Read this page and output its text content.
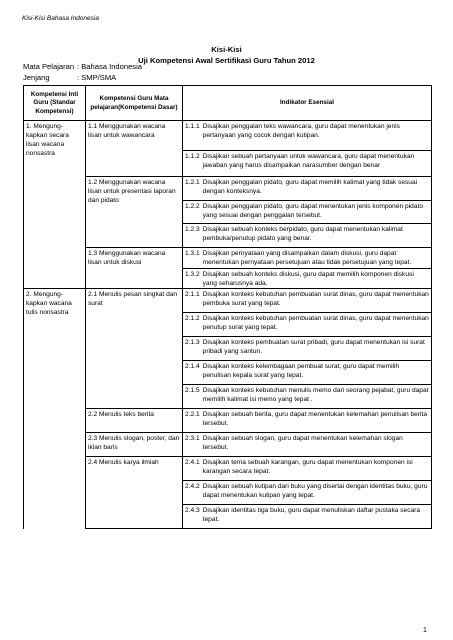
Kisi-Kisi Bahasa Indonesia
Kisi-Kisi
Uji Kompetensi Awal Sertifikasi Guru Tahun 2012
Mata Pelajaran : Bahasa Indonesia
Kompetensi Inti Guru (Standar Kompetensi)	Kompetensi Guru Mata pelajaran(Kompetensi Dasar)	Indikator Esensial
1. Mengung-kapkan secara lisan wacana nonsastra	1.1 Menggunakan wacana lisan untuk wawancara	1.1.1 Disajikan penggalan teks wawancara, guru dapat menentukan jenis pertanyaan yang cocok dengan kutipan.

		1.1.2 Disajikan sebuah pertanyaan untuk wawancara, guru dapat menentukan jawaban yang harus disampaikan narasumber dengan benar

	1.2 Menggunakan wacana lisan untuk presentasi laporan dan pidato	1.2.1 Disajikan penggalan pidato, guru dapat memilih kalimat yang tidak sesuai dengan konteksnya.

		1.2.2 Disajikan penggalan pidato, guru dapat menentukan jenis komponen pidato yang sesuai dengan penggalan tersebut.

		1.2.3 Disajikan sebuah konteks berpidato, guru dapat menentukan kalimat pembuka/penutup pidato yang benar.

	1.3 Menggunakan wacana lisan untuk diskusi	1.3.1 Disajikan pernyataan yang disampaikan dalam diskusi, guru dapat menentukan pernyataan persetujuan atau tidak persetujuan yang tepat.

		1.3.2 Disajikan sebuah konteks diskusi, guru dapat memilih komponen diskusi yang seharusnya ada.

2. Mengung-kapkan wacana tulis nonsastra	2.1 Menulis pesan singkat dan surat	2.1.1 Disajikan konteks kebutuhan pembuatan surat dinas, guru dapat menentukan pembuka surat yang tepat.

		2.1.2 Disajikan konteks kebutuhan pembuatan surat dinas, guru dapat menentukan penutup surat yang tepat.

		2.1.3 Disajikan konteks pembuatan surat pribadi, guru dapat menentukan isi surat pribadi yang santun.

		2.1.4 Disajikan konteks kelembagaan pembuat surat, guru dapat memilih penulisan kepala surat yang tepat.

		2.1.5 Disajikan konteks kebutuhan menulis memo dari seorang pejabat, guru dapat memilih kalimat isi memo yang tepat .

	2.2 Menulis teks berita	2.2.1 Disajikan sebuah berita, guru dapat menentukan kelemahan penulisan berita tersebut.

	2.3 Menulis slogan, poster, dan iklan baris	2.3.1 Disajikan sebuah slogan, guru dapat menentukan kelemahan slogan tersebut.

	2.4 Menulis karya ilmiah	2.4.1 Disajikan tema sebuah karangan, guru dapat menentukan komponen isi karangan secara tepat.

		2.4.2 Disajikan sebuah kutipan dari buku yang disertai dengan identitas buku, guru dapat menentukan kutipan yang tepat.

		2.4.3 Disajikan identitas tiga buku, guru dapat menuliskan daftar pustaka secara tepat.
1
Jenjang	: SMP/SMA
